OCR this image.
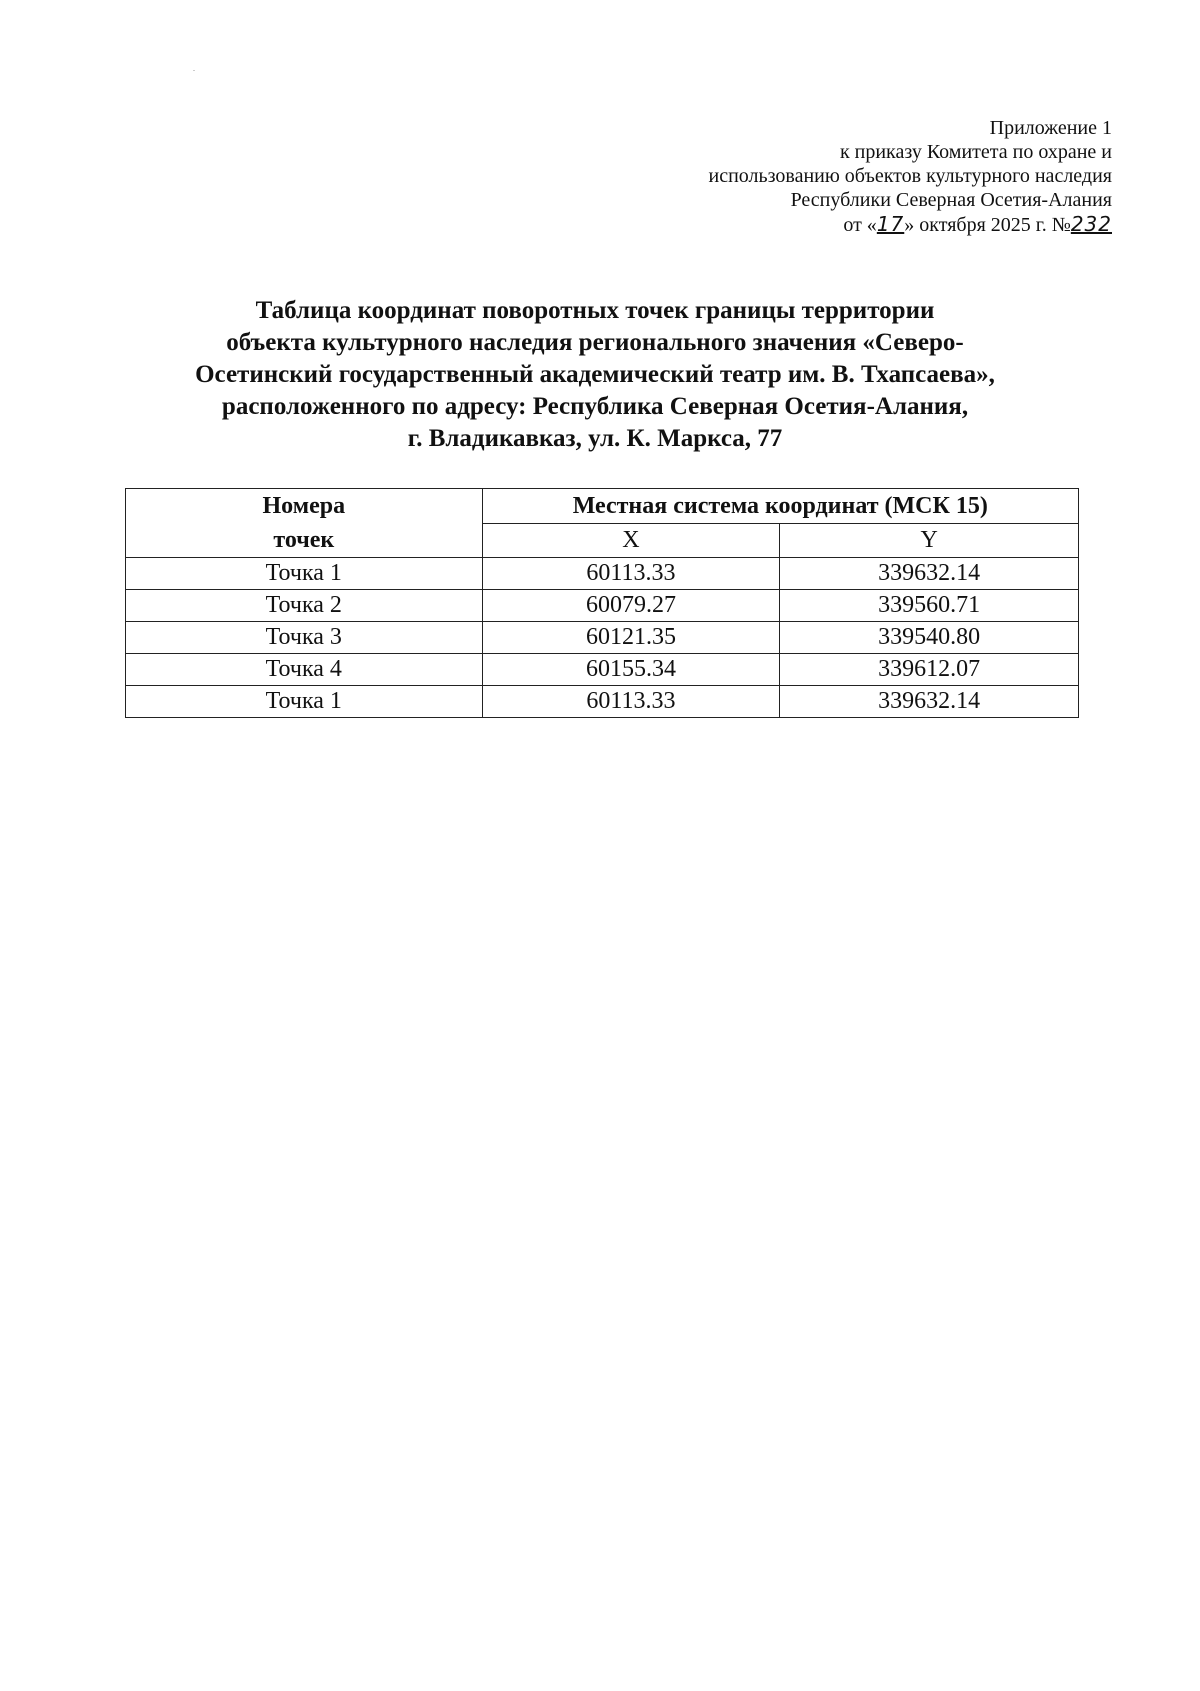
Приложение 1
к приказу Комитета по охране и
использованию объектов культурного наследия
Республики Северная Осетия-Алания
от «17» октября 2025 г. №232
Таблица координат поворотных точек границы территории
объекта культурного наследия регионального значения «Северо-
Осетинский государственный академический театр им. В. Тхапсаева»,
расположенного по адресу: Республика Северная Осетия-Алания,
г. Владикавказ, ул. К. Маркса, 77
Номера
точек	Местная система координат (МСК 15)	
	X	Y
Точка 1	60113.33	339632.14
Точка 2	60079.27	339560.71
Точка 3	60121.35	339540.80
Точка 4	60155.34	339612.07
Точка 1	60113.33	339632.14
